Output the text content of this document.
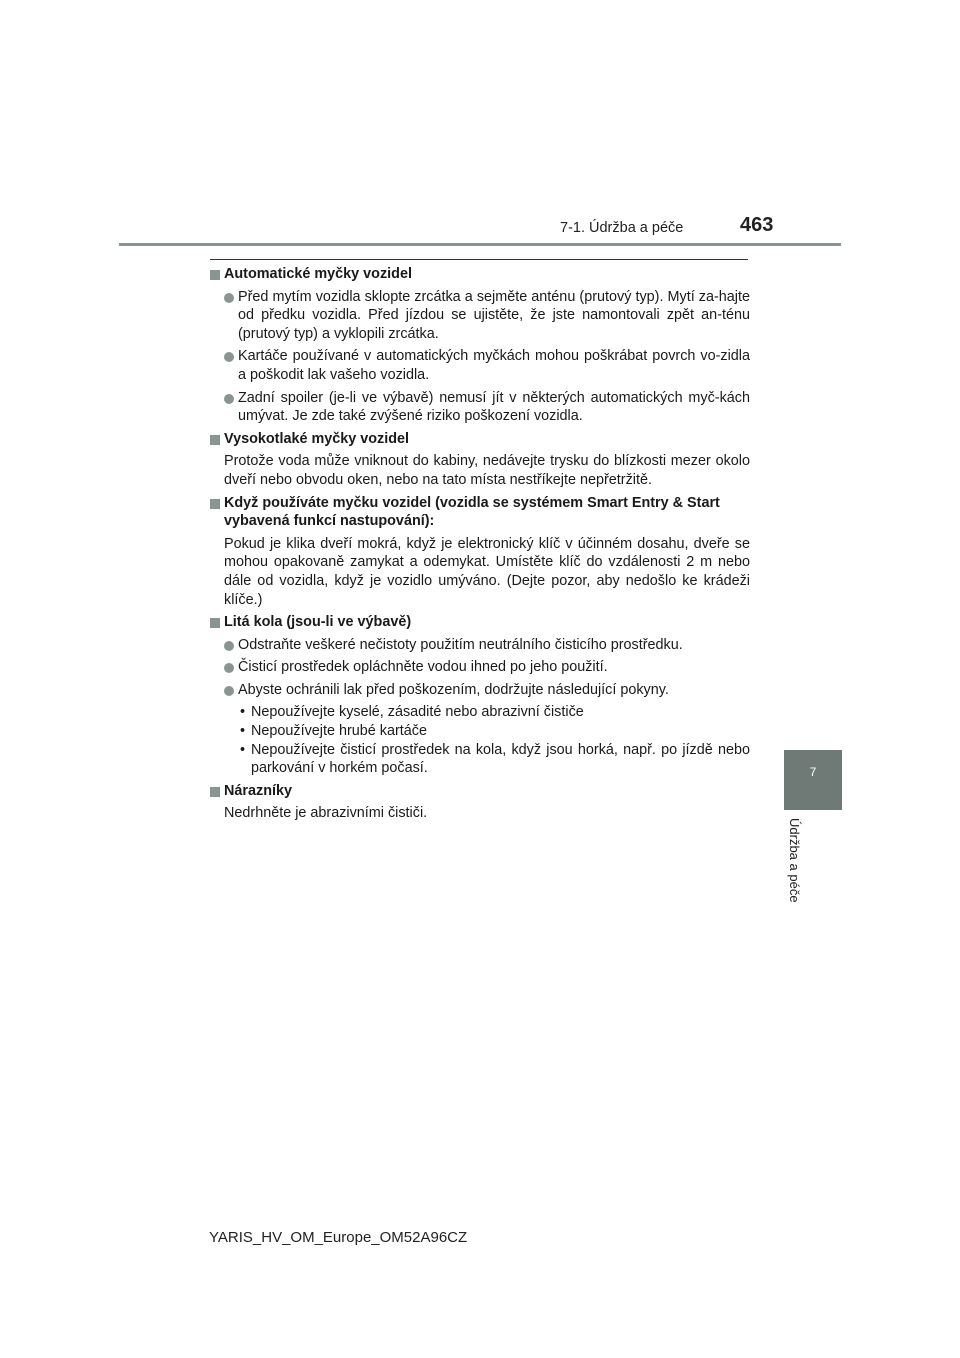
7-1. Údržba a péče	463
Automatické myčky vozidel
Před mytím vozidla sklopte zrcátka a sejměte anténu (prutový typ). Mytí za-hajte od předku vozidla. Před jízdou se ujistěte, že jste namontovali zpět an-ténu (prutový typ) a vyklopili zrcátka.
Kartáče používané v automatických myčkách mohou poškrábat povrch vo-zidla a poškodit lak vašeho vozidla.
Zadní spoiler (je-li ve výbavě) nemusí jít v některých automatických myč-kách umývat. Je zde také zvýšené riziko poškození vozidla.
Vysokotlaké myčky vozidel
Protože voda může vniknout do kabiny, nedávejte trysku do blízkosti mezer okolo dveří nebo obvodu oken, nebo na tato místa nestříkejte nepřetržitě.
Když používáte myčku vozidel (vozidla se systémem Smart Entry & Start vybavená funkcí nastupování):
Pokud je klika dveří mokrá, když je elektronický klíč v účinném dosahu, dveře se mohou opakovaně zamykat a odemykat. Umístěte klíč do vzdálenosti 2 m nebo dále od vozidla, když je vozidlo umýváno. (Dejte pozor, aby nedošlo ke krádeži klíče.)
Litá kola (jsou-li ve výbavě)
Odstraňte veškeré nečistoty použitím neutrálního čisticího prostředku.
Čisticí prostředek opláchněte vodou ihned po jeho použití.
Abyste ochránili lak před poškozením, dodržujte následující pokyny.
• Nepoužívejte kyselé, zásadité nebo abrazivní čističe
• Nepoužívejte hrubé kartáče
• Nepoužívejte čisticí prostředek na kola, když jsou horká, např. po jízdě nebo parkování v horkém počasí.
Nárazníky
Nedrhněte je abrazivními čističi.
7
Údržba a péče
YARIS_HV_OM_Europe_OM52A96CZ
